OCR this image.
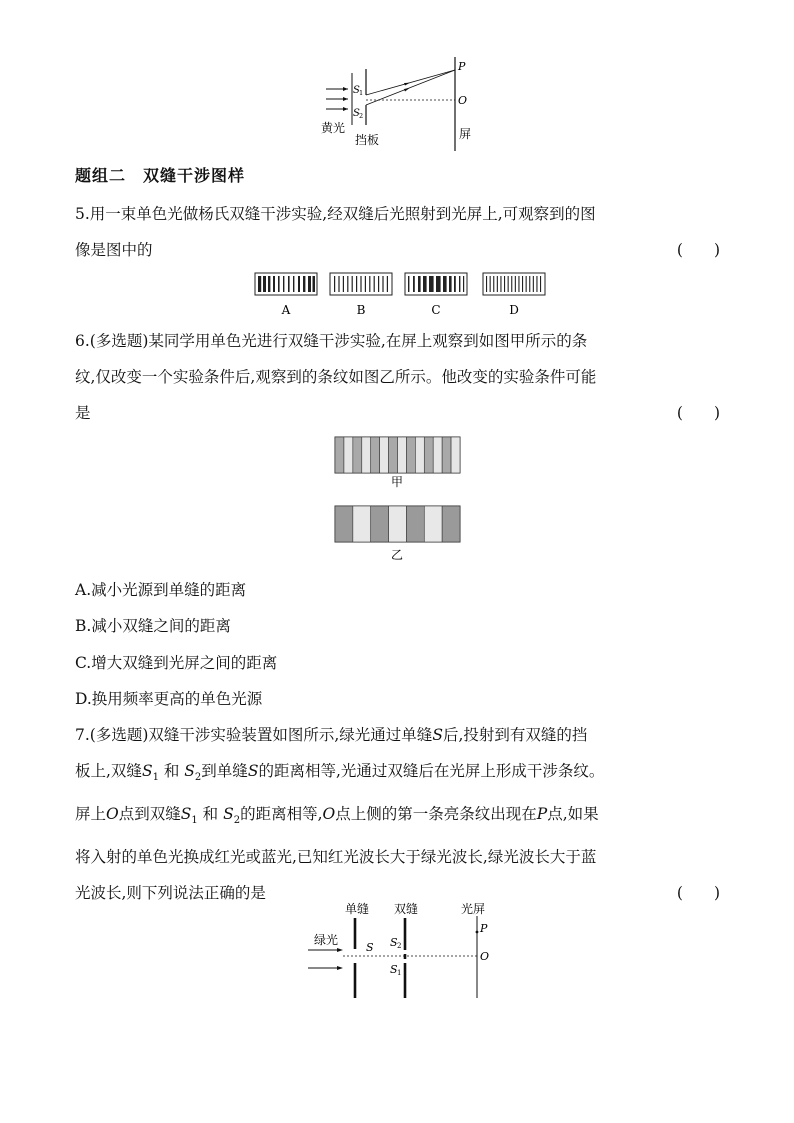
P
O
S 1
S 2
黄光
挡板	屏
题组二　双缝干涉图样
5.用一束单色光做杨氏双缝干涉实验,经双缝后光照射到光屏上,可观察到的图
像是图中的	(　　)
A	B	C	D
6.(多选题)某同学用单色光进行双缝干涉实验,在屏上观察到如图甲所示的条
纹,仅改变一个实验条件后,观察到的条纹如图乙所示。他改变的实验条件可能
是	(　　)
甲
乙
A.减小光源到单缝的距离
B.减小双缝之间的距离
C.增大双缝到光屏之间的距离
D.换用频率更高的单色光源
7.(多选题)双缝干涉实验装置如图所示,绿光通过单缝S后,投射到有双缝的挡
板上,双缝$S_1$ 和 $S_2$到单缝S的距离相等,光通过双缝后在光屏上形成干涉条纹。
屏上O点到双缝$S_1$ 和 $S_2$的距离相等,O点上侧的第一条亮条纹出现在P点,如果
将入射的单色光换成红光或蓝光,已知红光波长大于绿光波长,绿光波长大于蓝
光波长,则下列说法正确的是	(　　)
单缝 双缝	光屏
绿光
S S 2
S 1
P
O
